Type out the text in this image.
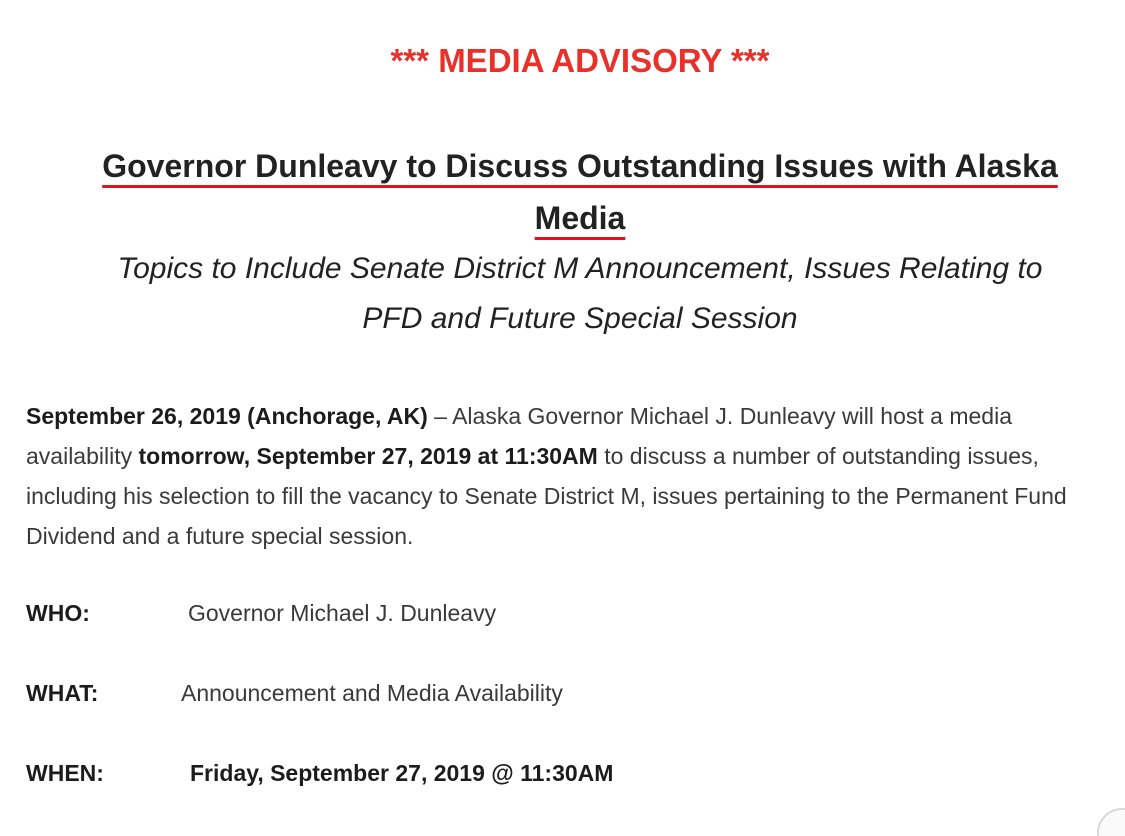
*** MEDIA ADVISORY ***
Governor Dunleavy to Discuss Outstanding Issues with Alaska
Media
Topics to Include Senate District M Announcement, Issues Relating to
PFD and Future Special Session
September 26, 2019 (Anchorage, AK) – Alaska Governor Michael J. Dunleavy will host a media availability tomorrow, September 27, 2019 at 11:30AM to discuss a number of outstanding issues, including his selection to fill the vacancy to Senate District M, issues pertaining to the Permanent Fund Dividend and a future special session.
WHO:	Governor Michael J. Dunleavy
WHAT:	Announcement and Media Availability
WHEN:	Friday, September 27, 2019 @ 11:30AM
